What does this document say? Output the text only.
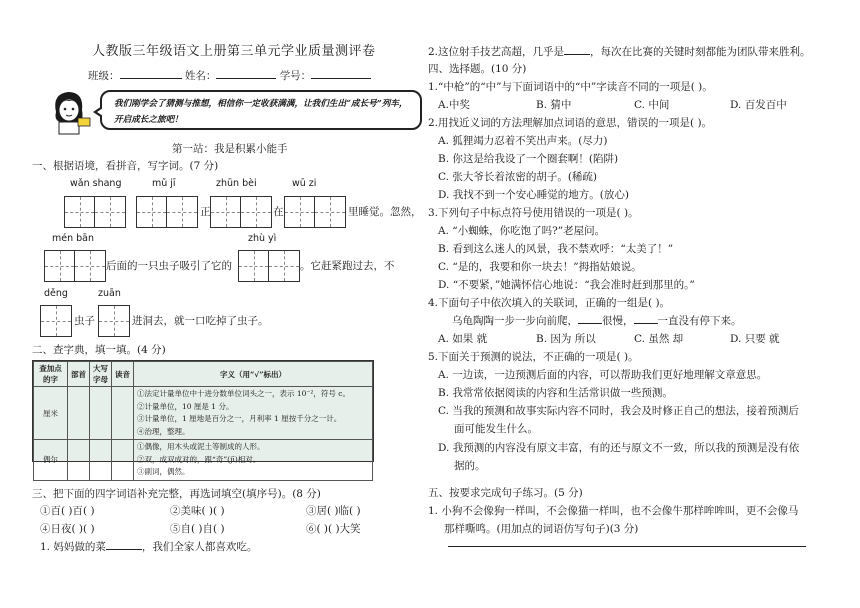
人教版三年级语文上册第三单元学业质量测评卷
班级：	姓名：	学号：
我们刚学会了猜测与推想，相信你一定收获满满，让我们生出“成长号”列车，开启成长之旅吧！
第一站：我是积累小能手
一、根据语境，看拼音，写字词。(7 分)
wǎn shang	mǔ jī	zhūn bèi	wū zi
正	在	里睡觉。忽然，
mén bān	zhù yì
后面的一只虫子吸引了它的	。它赶紧跑过去，不
děng	zuān
虫子	进洞去，就一口吃掉了虫子。
二、查字典，填一填。(4 分)
查加点的字	部首	大写字母	读音	字义（用“√”标出）
厘米				①法定计量单位中十进分数单位词头之一，表示 10⁻²，符号 c。
②计量单位，10 厘是 1 分。
③计量单位，1 厘地是百分之一，月利率 1 厘按千分之一计。
④治理，整理。

偶尔				①偶像，用木头或泥土等制成的人形。
②双，成双成对的，跟“奇”(jī)相对。
③副词，偶然。
三、把下面的四字词语补充完整，再选词填空(填序号)。(8 分)
①百( )百( )	②美味( )( )	③居( )临( )
④日夜( )( )	⑤自( )自( )	⑥( )( )大笑
1. 妈妈做的菜	，我们全家人都喜欢吃。
2.这位射手技艺高超，几乎是 ，每次在比赛的关键时刻都能为团队带来胜利。
四、选择题。(10 分)
1.“中枪”的“中”与下面词语中的“中”字读音不同的一项是( )。
A.中奖	B. 猜中	C. 中间	D. 百发百中
2.用找近义词的方法理解加点词语的意思，错误的一项是( )。
A. 狐狸竭力忍着不笑出声来。(尽力)
B. 你这是给我设了一个圈套啊！(陷阱)
C. 张大爷长着浓密的胡子。(稀疏)
D. 我找不到一个安心睡觉的地方。(放心)
3.下列句子中标点符号使用错误的一项是( )。
A. “小蜘蛛，你吃饱了吗?”老屋问。
B. 看到这么迷人的风景，我不禁欢呼：“太美了！”
C. “是的，我要和你一块去！”拇指姑娘说。
D. “不要紧，”她满怀信心地说：“我会准时赶到那里的。”
4.下面句子中依次填入的关联词，正确的一组是( )。
乌龟陶陶一步一步向前爬， 很慢， 一直没有停下来。
A. 如果 就	B. 因为 所以	C. 虽然 却	D. 只要 就
5.下面关于预测的说法，不正确的一项是( )。
A. 一边读，一边预测后面的内容，可以帮助我们更好地理解文章意思。
B. 我常常依据阅读的内容和生活常识做一些预测。
C. 当我的预测和故事实际内容不同时，我会及时修正自己的想法，接着预测后
面可能发生什么。
D. 我预测的内容没有原文丰富，有的还与原文不一致，所以我的预测是没有依
据的。
五、按要求完成句子练习。(5 分)
1. 小狗不会像狗一样叫，不会像猫一样叫，也不会像牛那样哞哞叫，更不会像马
那样嘶鸣。(用加点的词语仿写句子)(3 分)
